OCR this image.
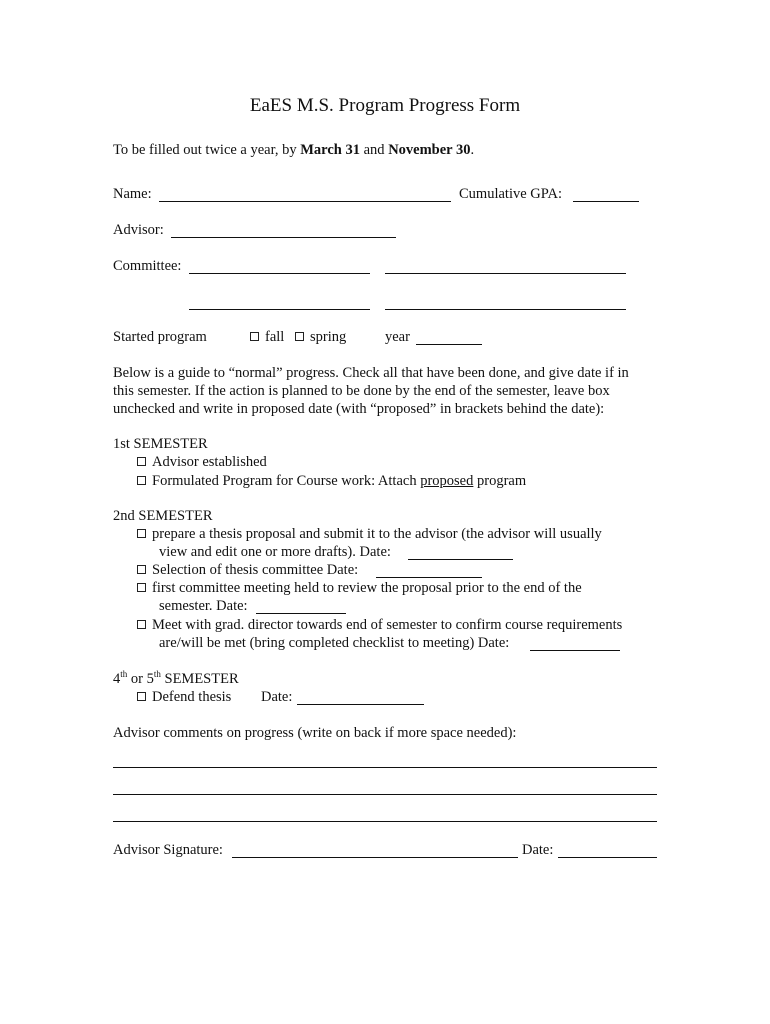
EaES M.S. Program Progress Form
To be filled out twice a year, by March 31 and November 30.
Name:	Cumulative GPA:
Advisor:
Committee:
Started program	fall	spring	year
Below is a guide to “normal” progress. Check all that have been done, and give date if in
this semester. If the action is planned to be done by the end of the semester, leave box
unchecked and write in proposed date (with “proposed” in brackets behind the date):
1st SEMESTER
Advisor established
Formulated Program for Course work: Attach proposed program
2nd SEMESTER
prepare a thesis proposal and submit it to the advisor (the advisor will usually
view and edit one or more drafts). Date:
Selection of thesis committee Date:
first committee meeting held to review the proposal prior to the end of the
semester. Date:
Meet with grad. director towards end of semester to confirm course requirements
are/will be met (bring completed checklist to meeting) Date:
4th or 5th SEMESTER
Defend thesis Date:
Advisor comments on progress (write on back if more space needed):
Advisor Signature:	Date:
